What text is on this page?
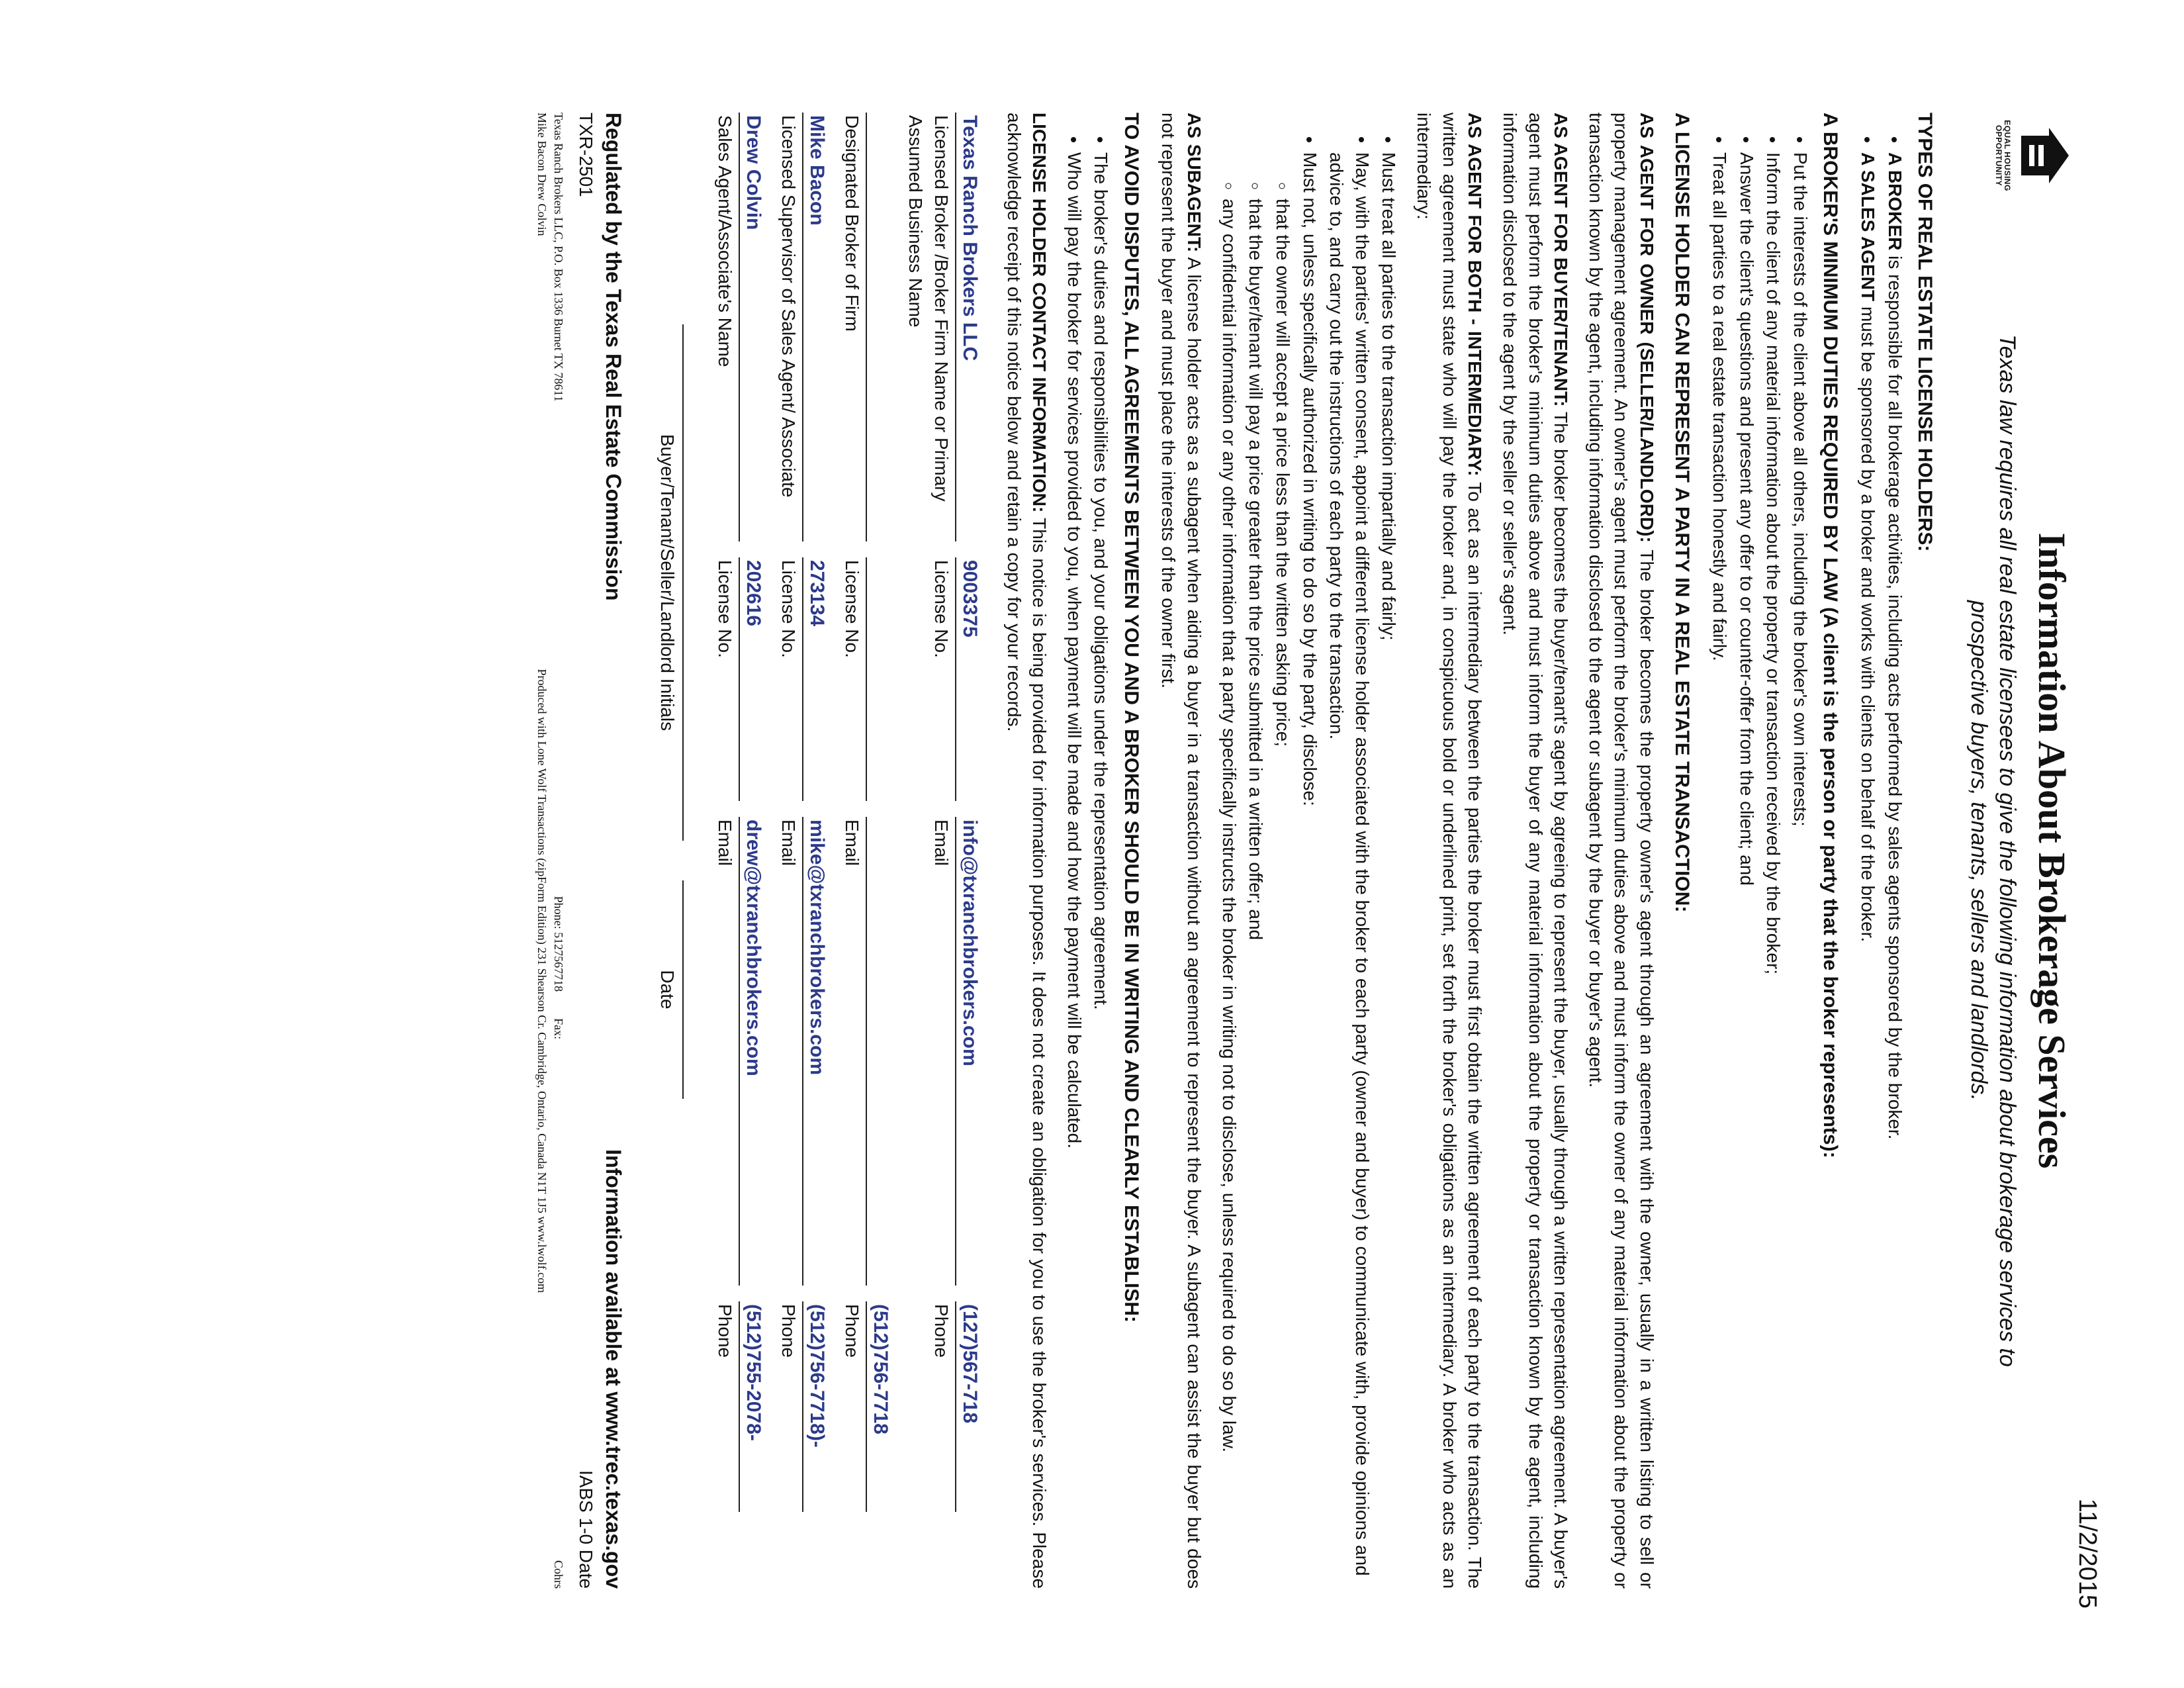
11/2/2015
EQUAL HOUSING OPPORTUNITY
Information About Brokerage Services
Texas law requires all real estate licensees to give the following information about brokerage services to prospective buyers, tenants, sellers and landlords.
TYPES OF REAL ESTATE LICENSE HOLDERS:
• A BROKER is responsible for all brokerage activities, including acts performed by sales agents sponsored by the broker.
• A SALES AGENT must be sponsored by a broker and works with clients on behalf of the broker.
A BROKER'S MINIMUM DUTIES REQUIRED BY LAW (A client is the person or party that the broker represents):
• Put the interests of the client above all others, including the broker's own interests;
• Inform the client of any material information about the property or transaction received by the broker;
• Answer the client's questions and present any offer to or counter-offer from the client; and
• Treat all parties to a real estate transaction honestly and fairly.
A LICENSE HOLDER CAN REPRESENT A PARTY IN A REAL ESTATE TRANSACTION:

AS AGENT FOR OWNER (SELLER/LANDLORD): The broker becomes the property owner's agent through an agreement with the owner, usually in a written listing to sell or property management agreement. An owner's agent must perform the broker's minimum duties above and must inform the owner of any material information about the property or transaction known by the agent, including information disclosed to the agent or subagent by the buyer or buyer's agent.

AS AGENT FOR BUYER/TENANT: The broker becomes the buyer/tenant's agent by agreeing to represent the buyer, usually through a written representation agreement. A buyer's agent must perform the broker's minimum duties above and must inform the buyer of any material information about the property or transaction known by the agent, including information disclosed to the agent by the seller or seller's agent.

AS AGENT FOR BOTH - INTERMEDIARY: To act as an intermediary between the parties the broker must first obtain the written agreement of each party to the transaction. The written agreement must state who will pay the broker and, in conspicuous bold or underlined print, set forth the broker's obligations as an intermediary. A broker who acts as an intermediary:

• Must treat all parties to the transaction impartially and fairly;
• May, with the parties' written consent, appoint a different license holder associated with the broker to each party (owner and buyer) to communicate with, provide opinions and advice to, and carry out the instructions of each party to the transaction.
• Must not, unless specifically authorized in writing to do so by the party, disclose:
◦ that the owner will accept a price less than the written asking price;
◦ that the buyer/tenant will pay a price greater than the price submitted in a written offer; and
◦ any confidential information or any other information that a party specifically instructs the broker in writing not to disclose, unless required to do so by law.

AS SUBAGENT: A license holder acts as a subagent when aiding a buyer in a transaction without an agreement to represent the buyer. A subagent can assist the buyer but does not represent the buyer and must place the interests of the owner first.

TO AVOID DISPUTES, ALL AGREEMENTS BETWEEN YOU AND A BROKER SHOULD BE IN WRITING AND CLEARLY ESTABLISH:
• The broker's duties and responsibilities to you, and your obligations under the representation agreement.
• Who will pay the broker for services provided to you, when payment will be made and how the payment will be calculated.

LICENSE HOLDER CONTACT INFORMATION: This notice is being provided for information purposes. It does not create an obligation for you to use the broker's services. Please acknowledge receipt of this notice below and retain a copy for your records.

Texas Ranch Brokers LLC
9003375
info@txranchbrokers.com
(127)567-718
Licensed Broker /Broker Firm Name or Primary Assumed Business Name
License No.
Email
Phone
(512)756-7718
Designated Broker of Firm
License No.
Email
Phone
Mike Bacon
273134
mike@txranchbrokers.com
(512)756-7718)-
Licensed Supervisor of Sales Agent/ Associate
License No.
Email
Phone
Drew Colvin
202616
drew@txranchbrokers.com
(512)755-2078-
Sales Agent/Associate's Name
License No.
Email
Phone
Buyer/Tenant/Seller/Landlord Initials
Date
Regulated by the Texas Real Estate Commission
Information available at www.trec.texas.gov
TXR-2501
IABS 1-0 Date
Texas Ranch Brokers LLC, P.O. Box 1336 Burnet TX 78611
Mike Bacon Drew Colvin
Phone: 5127567718Fax:
Produced with Lone Wolf Transactions (zipForm Edition) 231 Shearson Cr. Cambridge, Ontario, Canada N1T 1J5 www.lwolf.com
Cohrs
